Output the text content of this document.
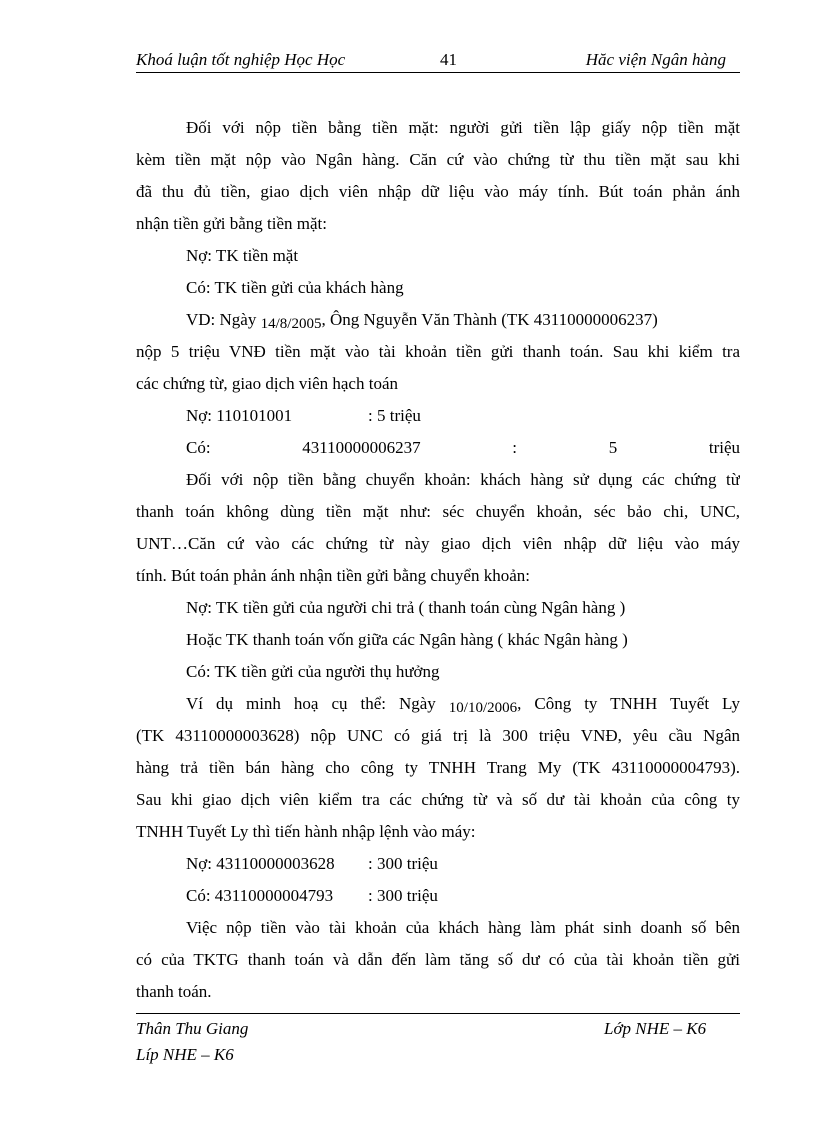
Khoá luận tốt nghiệp Học Học	41	Hăc viện Ngân hàng
Đối với nộp tiền bằng tiền mặt: người gửi tiền lập giấy nộp tiền mặt
kèm tiền mặt nộp vào Ngân hàng. Căn cứ vào chứng từ thu tiền mặt sau khi
đã thu đủ tiền, giao dịch viên nhập dữ liệu vào máy tính. Bút toán phản ánh
nhận tiền gửi bằng tiền mặt:
Nợ: TK tiền mặt
Có: TK tiền gửi của khách hàng
VD: Ngày 14/8/2005, Ông Nguyễn Văn Thành (TK 43110000006237)
nộp 5 triệu VNĐ tiền mặt vào tài khoản tiền gửi thanh toán. Sau khi kiểm tra
các chứng từ, giao dịch viên hạch toán
Nợ: 110101001	: 5 triệu
Có:	43110000006237	:	5	triệu
Đối với nộp tiền bằng chuyển khoản: khách hàng sử dụng các chứng từ
thanh toán không dùng tiền mặt như: séc chuyển khoản, séc bảo chi, UNC,
UNT…Căn cứ vào các chứng từ này giao dịch viên nhập dữ liệu vào máy
tính. Bút toán phản ánh nhận tiền gửi bằng chuyển khoản:
Nợ: TK tiền gửi của người chi trả ( thanh toán cùng Ngân hàng )
Hoặc TK thanh toán vốn giữa các Ngân hàng ( khác Ngân hàng )
Có: TK tiền gửi của người thụ hưởng
Ví dụ minh hoạ cụ thể: Ngày 10/10/2006, Công ty TNHH Tuyết Ly
(TK 43110000003628) nộp UNC có giá trị là 300 triệu VNĐ, yêu cầu Ngân
hàng trả tiền bán hàng cho công ty TNHH Trang My (TK 43110000004793).
Sau khi giao dịch viên kiểm tra các chứng từ và số dư tài khoản của công ty
TNHH Tuyết Ly thì tiến hành nhập lệnh vào máy:
Nợ: 43110000003628 : 300 triệu
Có: 43110000004793 : 300 triệu
Việc nộp tiền vào tài khoản của khách hàng làm phát sinh doanh số bên
có của TKTG thanh toán và dẫn đến làm tăng số dư có của tài khoản tiền gửi
thanh toán.
Thân Thu Giang	Lớp NHE – K6
Líp NHE – K6
